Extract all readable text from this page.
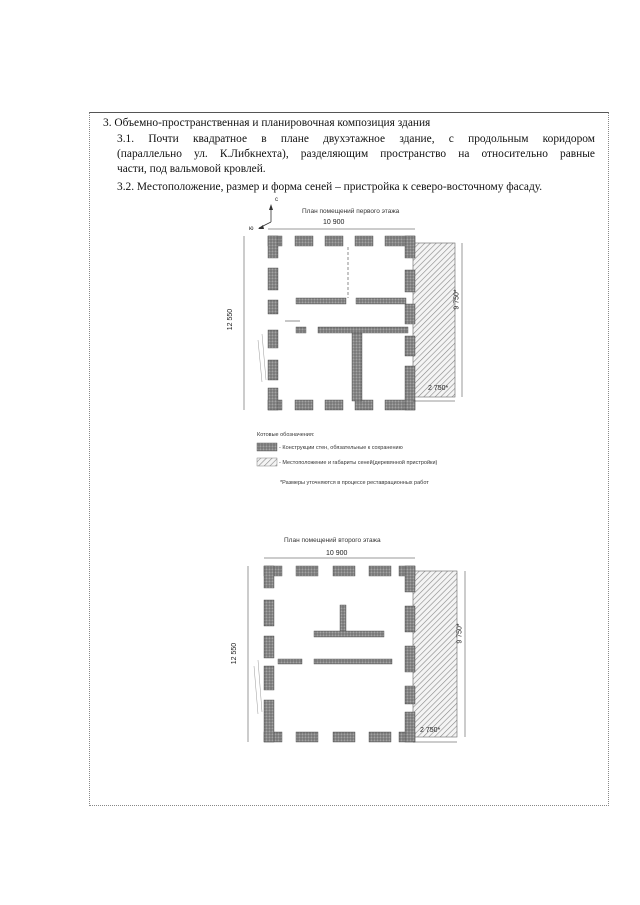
3. Объемно-пространственная и планировочная композиция здания
3.1. Почти квадратное в плане двухэтажное здание, с продольным коридором
(параллельно ул. К.Либкнехта), разделяющим пространство на относительно равные
части, под вальмовой кровлей.
3.2. Местоположение, размер и форма сеней – пристройка к северо-восточному фасаду.
План помещений первого этажа
10 900
12 550
9 750*
2 750*
с
ю
Котовые обозначения:
- Конструкции стен, обязательные к сохранению
- Местоположение и габариты сеней(деревянной пристройки)
*Размеры уточняются в процессе реставрационных работ
План помещений второго этажа
10 900
12 550
9 750*
2 750*
